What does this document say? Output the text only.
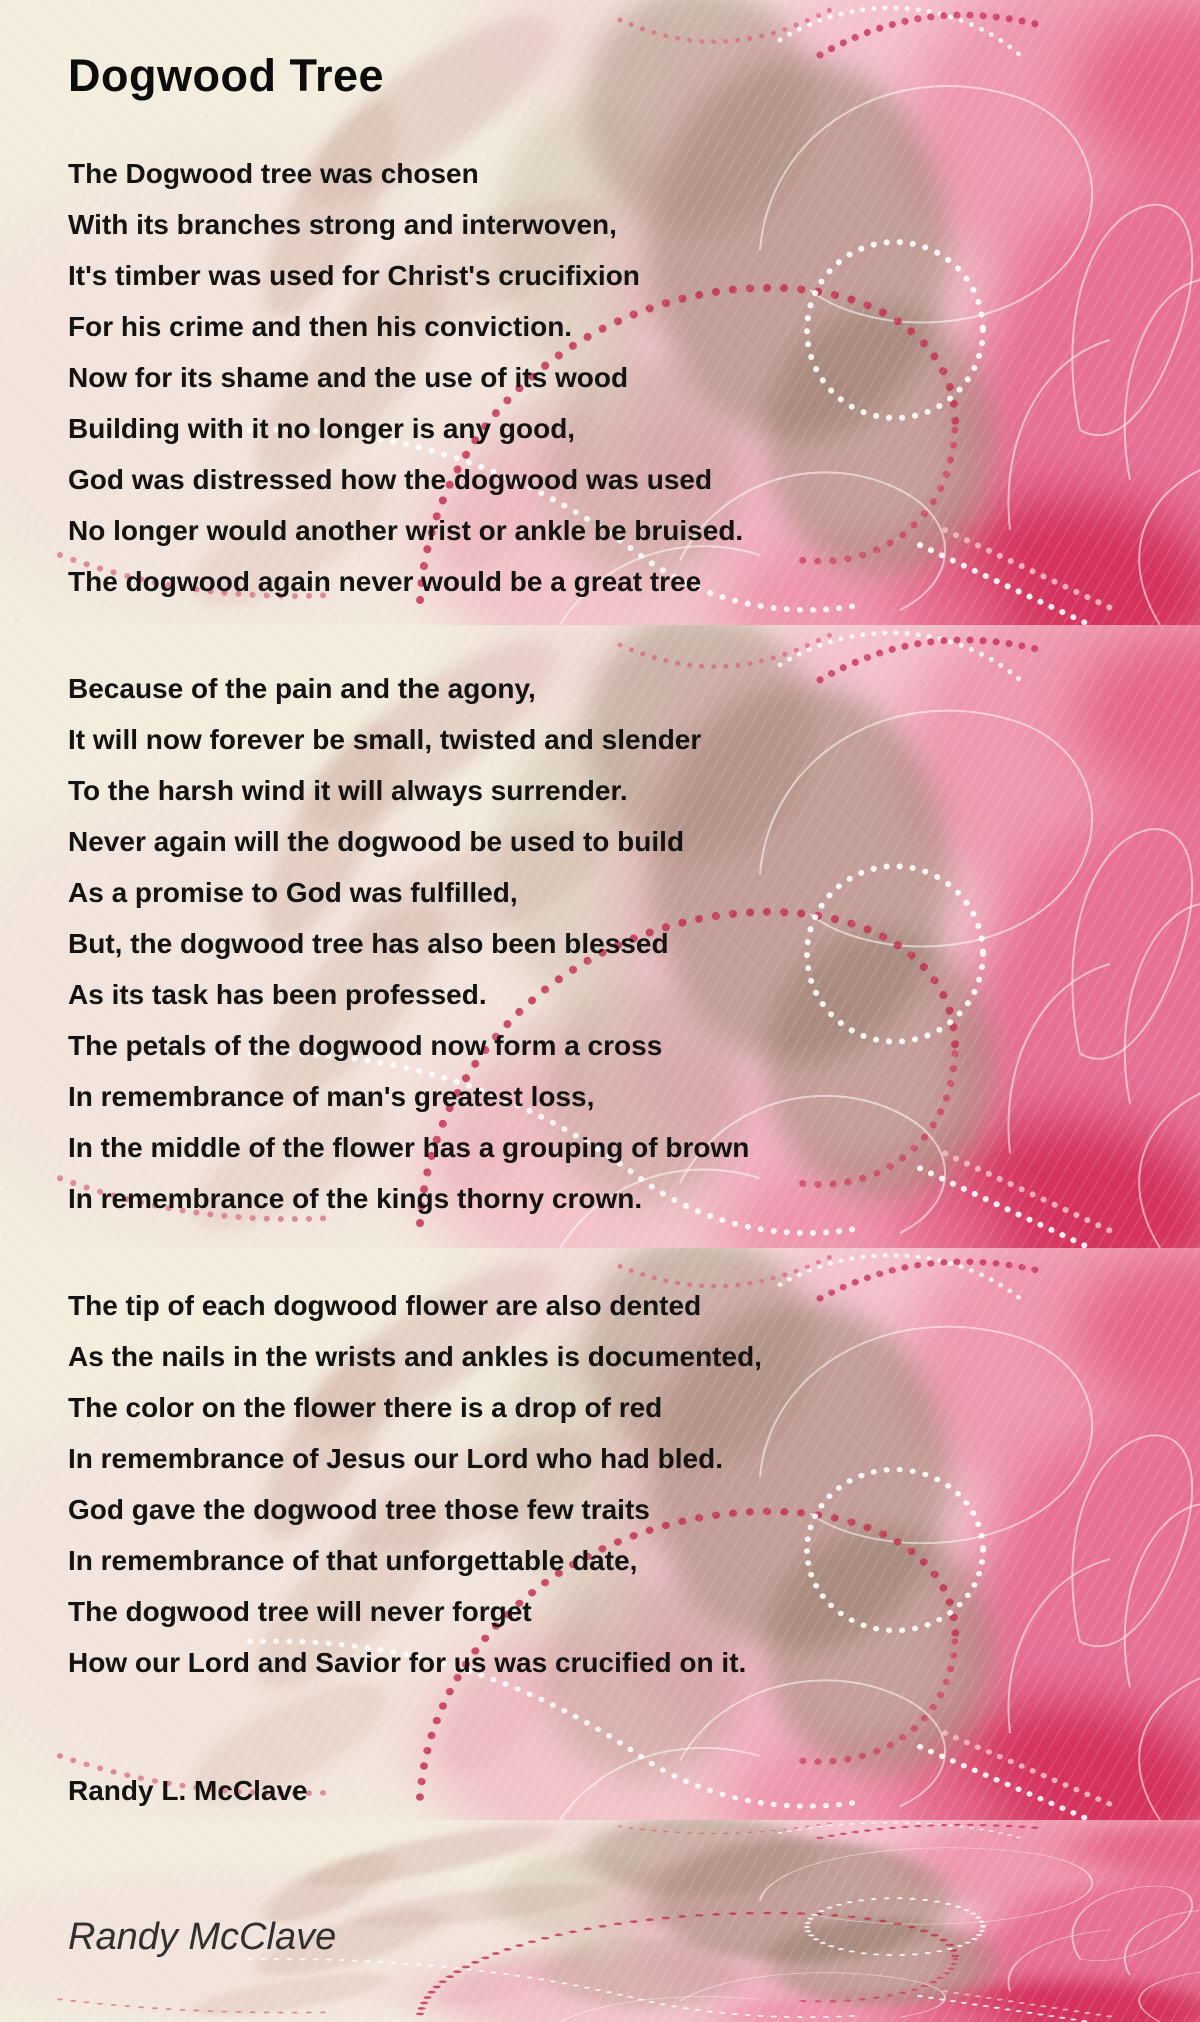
Dogwood Tree
The Dogwood tree was chosen
With its branches strong and interwoven,
It's timber was used for Christ's crucifixion
For his crime and then his conviction.
Now for its shame and the use of its wood
Building with it no longer is any good,
God was distressed how the dogwood was used
No longer would another wrist or ankle be bruised.
The dogwood again never would be a great tree
Because of the pain and the agony,
It will now forever be small, twisted and slender
To the harsh wind it will always surrender.
Never again will the dogwood be used to build
As a promise to God was fulfilled,
But, the dogwood tree has also been blessed
As its task has been professed.
The petals of the dogwood now form a cross
In remembrance of man's greatest loss,
In the middle of the flower has a grouping of brown
In remembrance of the kings thorny crown.
The tip of each dogwood flower are also dented
As the nails in the wrists and ankles is documented,
The color on the flower there is a drop of red
In remembrance of Jesus our Lord who had bled.
God gave the dogwood tree those few traits
In remembrance of that unforgettable date,
The dogwood tree will never forget
How our Lord and Savior for us was crucified on it.
Randy L. McClave
Randy McClave
